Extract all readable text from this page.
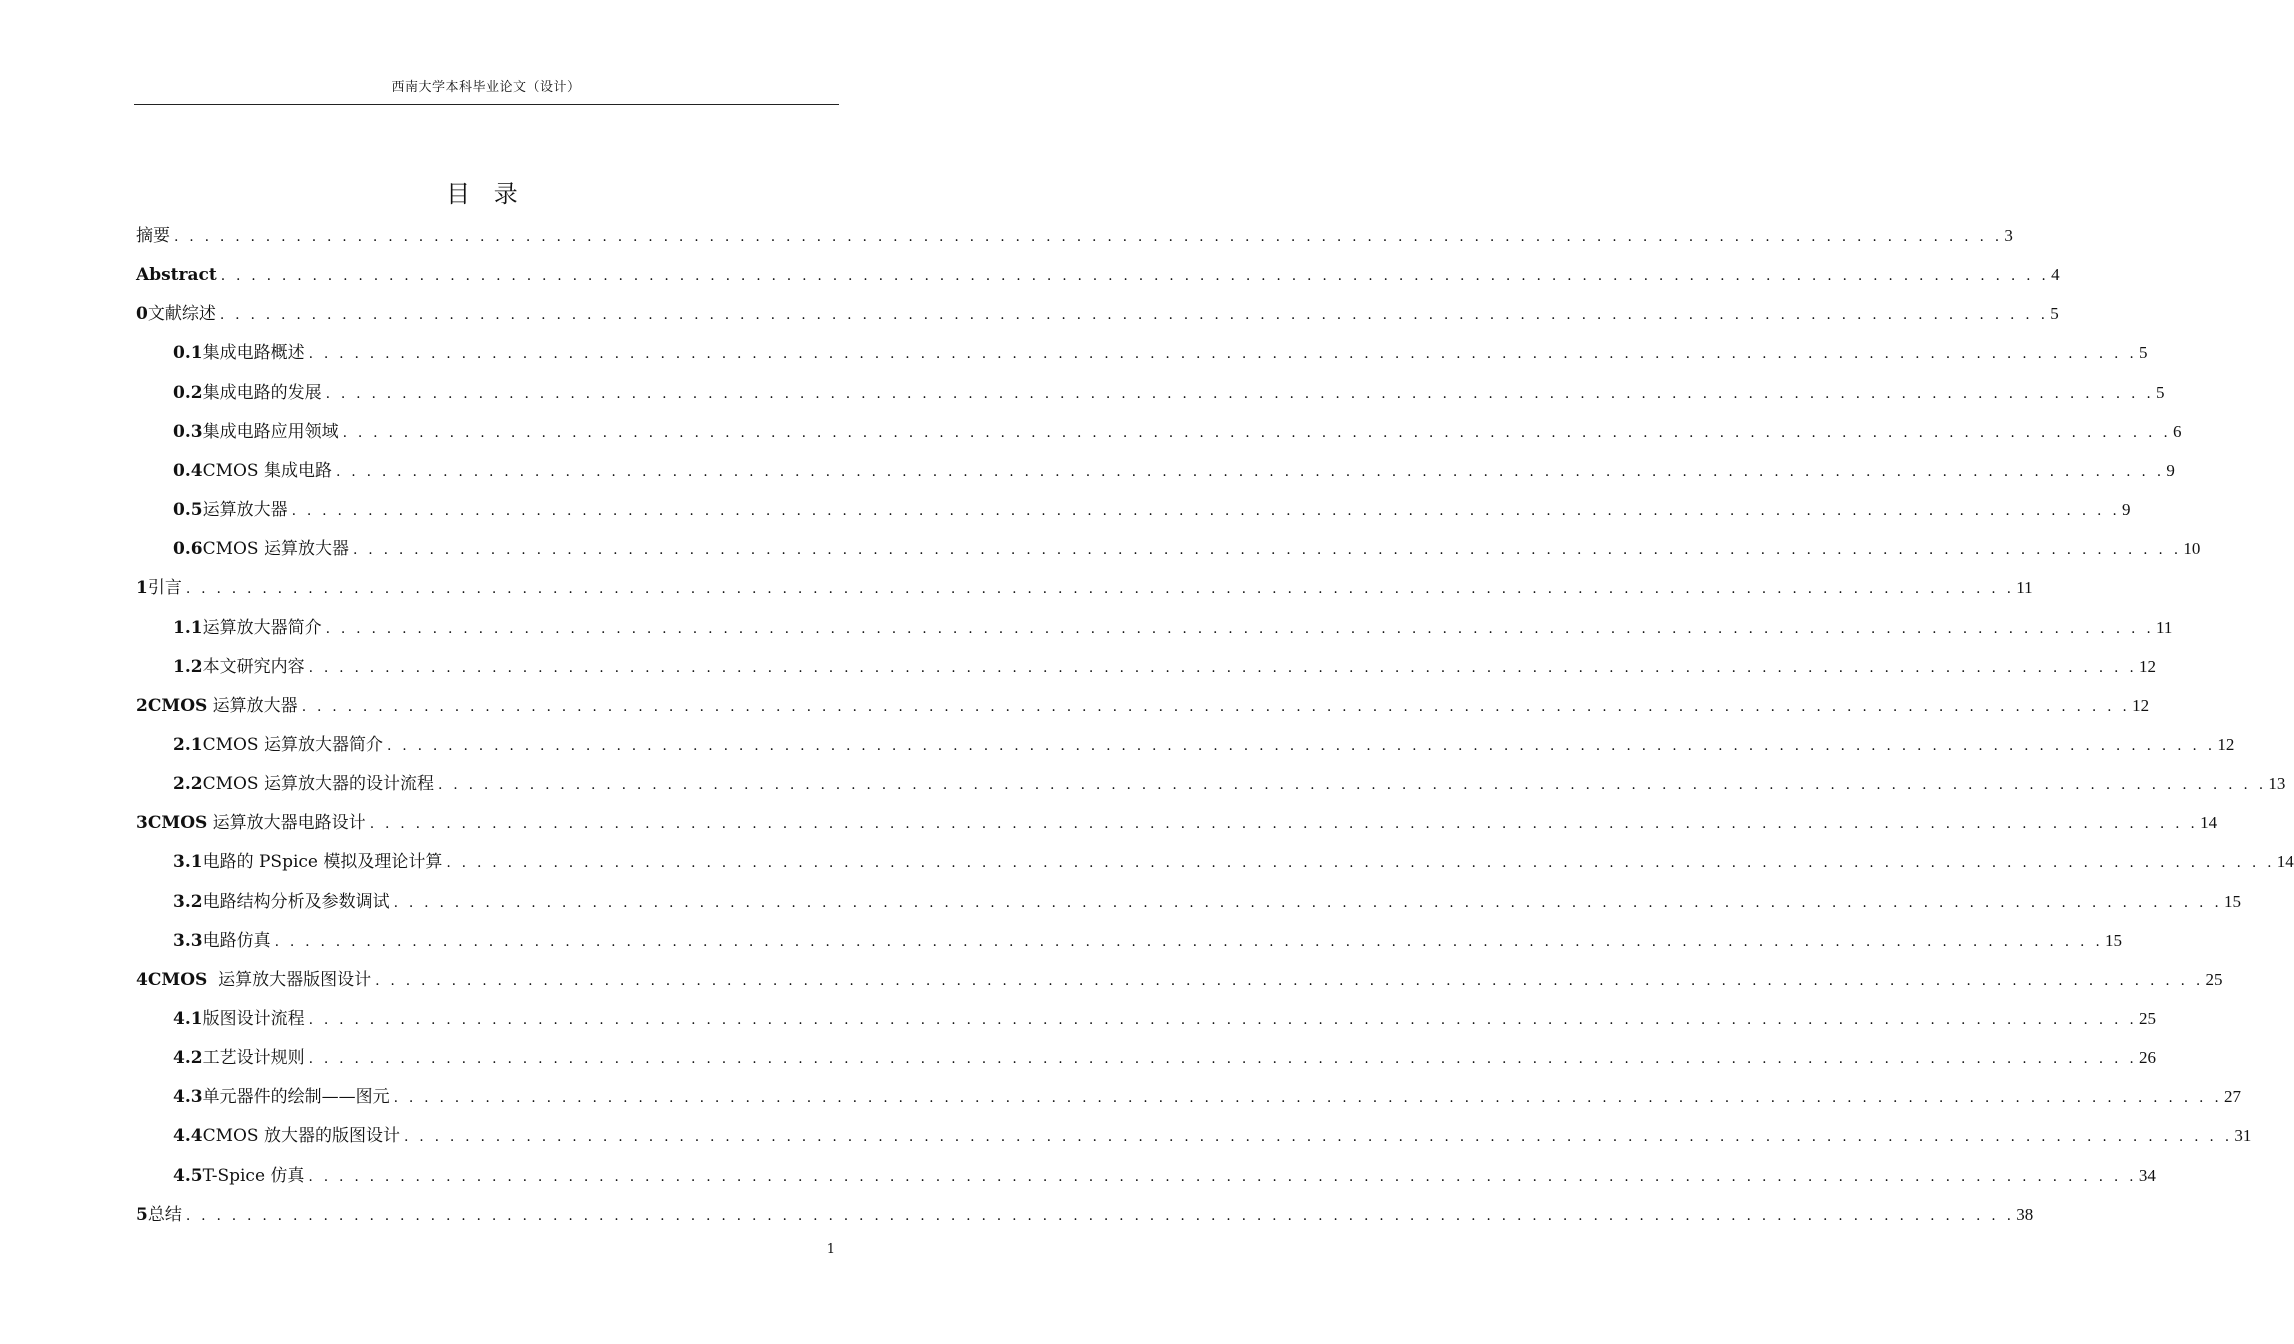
西南大学本科毕业论文（设计）
目 录
摘要 . . . . . . . . . . . . . . . . . . . . . . . . . . . . . . . . . . . . . . . . . . . . . . . . . . . . . . . . . . . . . . . . . . . . . . . . . . . . . . . . . . . . . . . . . . . . . . . . . . . . . . . . . . . . . . . . . . . . . . . . 3
Abstract . . . . . . . . . . . . . . . . . . . . . . . . . . . . . . . . . . . . . . . . . . . . . . . . . . . . . . . . . . . . . . . . . . . . . . . . . . . . . . . . . . . . . . . . . . . . . . . . . . . . . . . . . . . . . . . . . . . . . . . . 4
0 文献综述 . . . . . . . . . . . . . . . . . . . . . . . . . . . . . . . . . . . . . . . . . . . . . . . . . . . . . . . . . . . . . . . . . . . . . . . . . . . . . . . . . . . . . . . . . . . . . . . . . . . . . . . . . . . . . . . . . . . . . . . . 5
0.1 集成电路概述 . . . . . . . . . . . . . . . . . . . . . . . . . . . . . . . . . . . . . . . . . . . . . . . . . . . . . . . . . . . . . . . . . . . . . . . . . . . . . . . . . . . . . . . . . . . . . . . . . . . . . . . . . . . . . . . . . . . . . . . . 5
0.2 集成电路的发展 . . . . . . . . . . . . . . . . . . . . . . . . . . . . . . . . . . . . . . . . . . . . . . . . . . . . . . . . . . . . . . . . . . . . . . . . . . . . . . . . . . . . . . . . . . . . . . . . . . . . . . . . . . . . . . . . . . . . . . . . 5
0.3 集成电路应用领域 . . . . . . . . . . . . . . . . . . . . . . . . . . . . . . . . . . . . . . . . . . . . . . . . . . . . . . . . . . . . . . . . . . . . . . . . . . . . . . . . . . . . . . . . . . . . . . . . . . . . . . . . . . . . . . . . . . . . . . . . 6
0.4 CMOS 集成电路 . . . . . . . . . . . . . . . . . . . . . . . . . . . . . . . . . . . . . . . . . . . . . . . . . . . . . . . . . . . . . . . . . . . . . . . . . . . . . . . . . . . . . . . . . . . . . . . . . . . . . . . . . . . . . . . . . . . . . . . . 9
0.5 运算放大器 . . . . . . . . . . . . . . . . . . . . . . . . . . . . . . . . . . . . . . . . . . . . . . . . . . . . . . . . . . . . . . . . . . . . . . . . . . . . . . . . . . . . . . . . . . . . . . . . . . . . . . . . . . . . . . . . . . . . . . . . 9
0.6 CMOS 运算放大器 . . . . . . . . . . . . . . . . . . . . . . . . . . . . . . . . . . . . . . . . . . . . . . . . . . . . . . . . . . . . . . . . . . . . . . . . . . . . . . . . . . . . . . . . . . . . . . . . . . . . . . . . . . . . . . . . . . . . . . . . 10
1 引言 . . . . . . . . . . . . . . . . . . . . . . . . . . . . . . . . . . . . . . . . . . . . . . . . . . . . . . . . . . . . . . . . . . . . . . . . . . . . . . . . . . . . . . . . . . . . . . . . . . . . . . . . . . . . . . . . . . . . . . . . 11
1.1 运算放大器简介 . . . . . . . . . . . . . . . . . . . . . . . . . . . . . . . . . . . . . . . . . . . . . . . . . . . . . . . . . . . . . . . . . . . . . . . . . . . . . . . . . . . . . . . . . . . . . . . . . . . . . . . . . . . . . . . . . . . . . . . . 11
1.2 本文研究内容 . . . . . . . . . . . . . . . . . . . . . . . . . . . . . . . . . . . . . . . . . . . . . . . . . . . . . . . . . . . . . . . . . . . . . . . . . . . . . . . . . . . . . . . . . . . . . . . . . . . . . . . . . . . . . . . . . . . . . . . . 12
2 CMOS 运算放大器 . . . . . . . . . . . . . . . . . . . . . . . . . . . . . . . . . . . . . . . . . . . . . . . . . . . . . . . . . . . . . . . . . . . . . . . . . . . . . . . . . . . . . . . . . . . . . . . . . . . . . . . . . . . . . . . . . . . . . . . . 12
2.1 CMOS 运算放大器简介 . . . . . . . . . . . . . . . . . . . . . . . . . . . . . . . . . . . . . . . . . . . . . . . . . . . . . . . . . . . . . . . . . . . . . . . . . . . . . . . . . . . . . . . . . . . . . . . . . . . . . . . . . . . . . . . . . . . . . . . . 12
2.2 CMOS 运算放大器的设计流程 . . . . . . . . . . . . . . . . . . . . . . . . . . . . . . . . . . . . . . . . . . . . . . . . . . . . . . . . . . . . . . . . . . . . . . . . . . . . . . . . . . . . . . . . . . . . . . . . . . . . . . . . . . . . . . . . . . . . . . . . 13
3 CMOS 运算放大器电路设计 . . . . . . . . . . . . . . . . . . . . . . . . . . . . . . . . . . . . . . . . . . . . . . . . . . . . . . . . . . . . . . . . . . . . . . . . . . . . . . . . . . . . . . . . . . . . . . . . . . . . . . . . . . . . . . . . . . . . . . . . 14
3.1 电路的 PSpice 模拟及理论计算 . . . . . . . . . . . . . . . . . . . . . . . . . . . . . . . . . . . . . . . . . . . . . . . . . . . . . . . . . . . . . . . . . . . . . . . . . . . . . . . . . . . . . . . . . . . . . . . . . . . . . . . . . . . . . . . . . . . . . . . . 14
3.2 电路结构分析及参数调试 . . . . . . . . . . . . . . . . . . . . . . . . . . . . . . . . . . . . . . . . . . . . . . . . . . . . . . . . . . . . . . . . . . . . . . . . . . . . . . . . . . . . . . . . . . . . . . . . . . . . . . . . . . . . . . . . . . . . . . . . 15
3.3 电路仿真 . . . . . . . . . . . . . . . . . . . . . . . . . . . . . . . . . . . . . . . . . . . . . . . . . . . . . . . . . . . . . . . . . . . . . . . . . . . . . . . . . . . . . . . . . . . . . . . . . . . . . . . . . . . . . . . . . . . . . . . . 15
4 CMOS  运算放大器版图设计 . . . . . . . . . . . . . . . . . . . . . . . . . . . . . . . . . . . . . . . . . . . . . . . . . . . . . . . . . . . . . . . . . . . . . . . . . . . . . . . . . . . . . . . . . . . . . . . . . . . . . . . . . . . . . . . . . . . . . . . . 25
4.1 版图设计流程 . . . . . . . . . . . . . . . . . . . . . . . . . . . . . . . . . . . . . . . . . . . . . . . . . . . . . . . . . . . . . . . . . . . . . . . . . . . . . . . . . . . . . . . . . . . . . . . . . . . . . . . . . . . . . . . . . . . . . . . . 25
4.2 工艺设计规则 . . . . . . . . . . . . . . . . . . . . . . . . . . . . . . . . . . . . . . . . . . . . . . . . . . . . . . . . . . . . . . . . . . . . . . . . . . . . . . . . . . . . . . . . . . . . . . . . . . . . . . . . . . . . . . . . . . . . . . . . 26
4.3 单元器件的绘制——图元 . . . . . . . . . . . . . . . . . . . . . . . . . . . . . . . . . . . . . . . . . . . . . . . . . . . . . . . . . . . . . . . . . . . . . . . . . . . . . . . . . . . . . . . . . . . . . . . . . . . . . . . . . . . . . . . . . . . . . . . . 27
4.4 CMOS 放大器的版图设计 . . . . . . . . . . . . . . . . . . . . . . . . . . . . . . . . . . . . . . . . . . . . . . . . . . . . . . . . . . . . . . . . . . . . . . . . . . . . . . . . . . . . . . . . . . . . . . . . . . . . . . . . . . . . . . . . . . . . . . . . 31
4.5 T-Spice 仿真 . . . . . . . . . . . . . . . . . . . . . . . . . . . . . . . . . . . . . . . . . . . . . . . . . . . . . . . . . . . . . . . . . . . . . . . . . . . . . . . . . . . . . . . . . . . . . . . . . . . . . . . . . . . . . . . . . . . . . . . . 34
5 总结 . . . . . . . . . . . . . . . . . . . . . . . . . . . . . . . . . . . . . . . . . . . . . . . . . . . . . . . . . . . . . . . . . . . . . . . . . . . . . . . . . . . . . . . . . . . . . . . . . . . . . . . . . . . . . . . . . . . . . . . . 38
1
